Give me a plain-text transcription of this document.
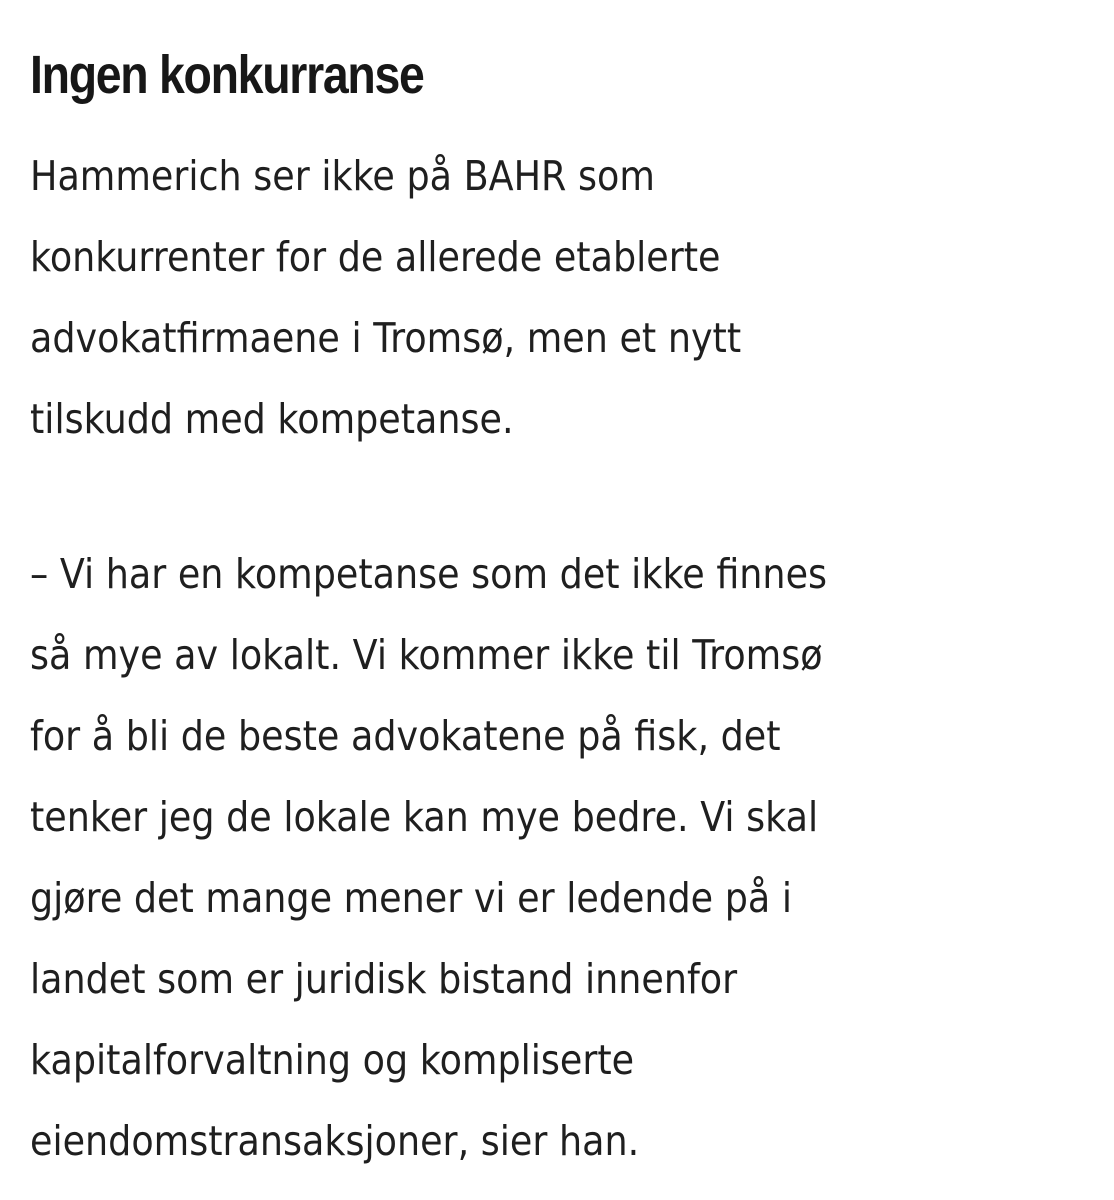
Ingen konkurranse

Hammerich ser ikke på BAHR som
konkurrenter for de allerede etablerte
advokatfirmaene i Tromsø, men et nytt
tilskudd med kompetanse.

– Vi har en kompetanse som det ikke finnes
så mye av lokalt. Vi kommer ikke til Tromsø
for å bli de beste advokatene på fisk, det
tenker jeg de lokale kan mye bedre. Vi skal
gjøre det mange mener vi er ledende på i
landet som er juridisk bistand innenfor
kapitalforvaltning og kompliserte
eiendomstransaksjoner, sier han.
